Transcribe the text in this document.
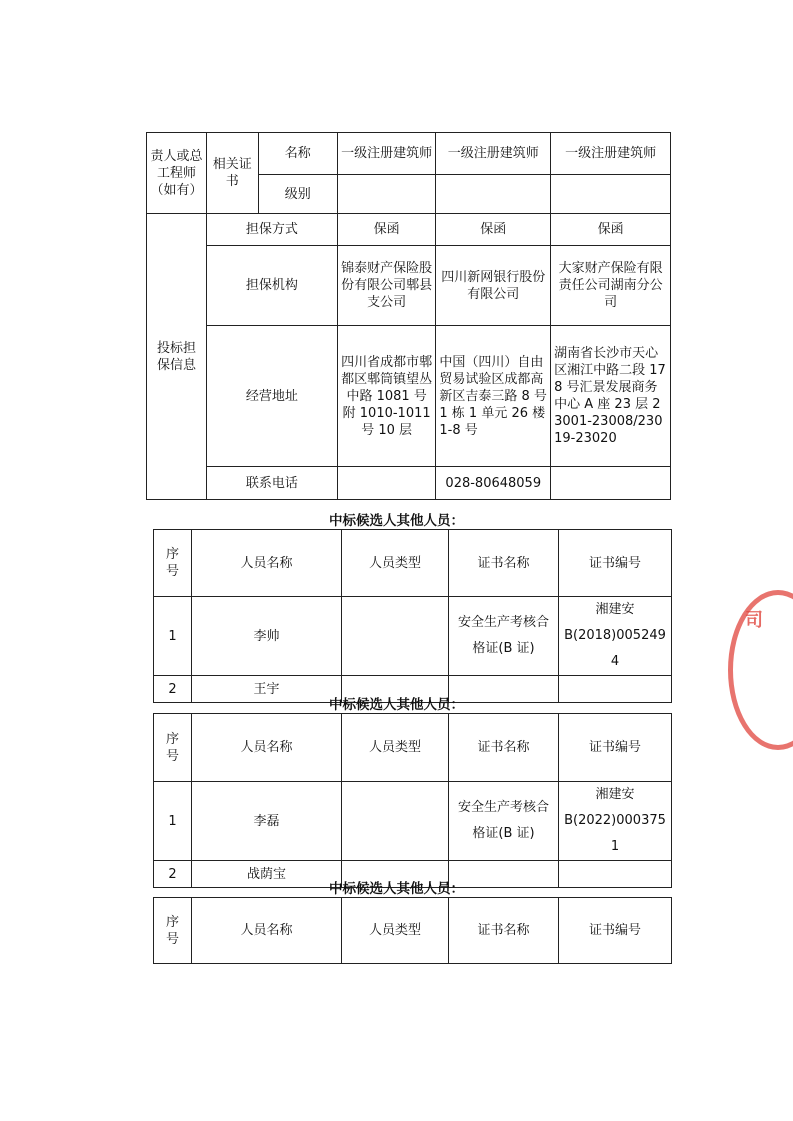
责人或总工程师（如有）	相关证书	名称	一级注册建筑师	一级注册建筑师	一级注册建筑师
		级别			
投标担保信息	担保方式		保函	保函	保函
	担保机构		锦泰财产保险股份有限公司郫县支公司	四川新网银行股份有限公司	大家财产保险有限责任公司湖南分公司
	经营地址		四川省成都市郫都区郫筒镇望丛中路 1081 号附 1010-1011 号 10 层	中国（四川）自由贸易试验区成都高新区吉泰三路 8 号 1 栋 1 单元 26 楼 1-8 号	湖南省长沙市天心区湘江中路二段 178 号汇景发展商务中心 A 座 23 层 23001-23008/23019-23020
	联系电话			028-80648059	
中标候选人其他人员：
序号	人员名称	人员类型	证书名称	证书编号
1	李帅		安全生产考核合格证(B 证)	湘建安
B(2018)0052494

2	王宇			
中标候选人其他人员：
序号	人员名称	人员类型	证书名称	证书编号
1	李磊		安全生产考核合格证(B 证)	湘建安
B(2022)0003751

2	战荫宝			
中标候选人其他人员：
序号	人员名称	人员类型	证书名称	证书编号
司
